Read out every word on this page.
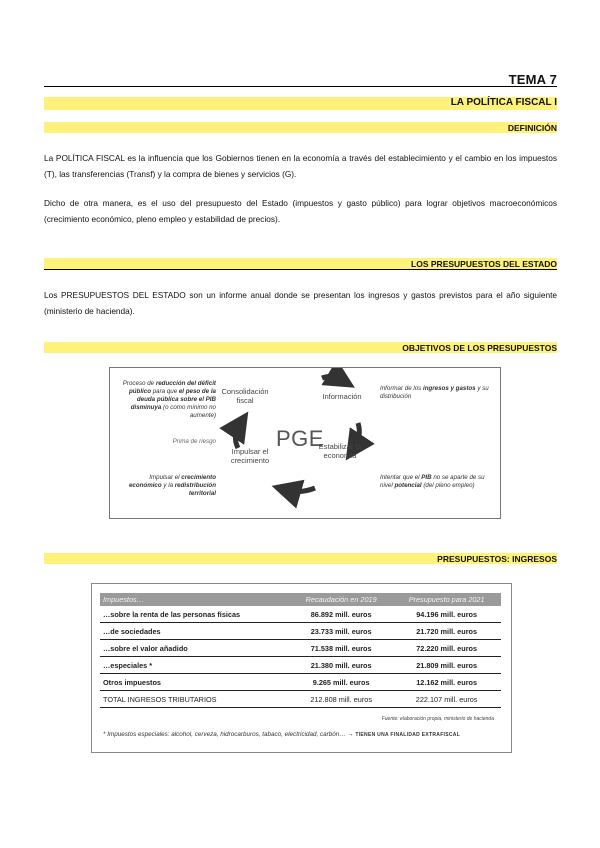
TEMA 7
LA POLÍTICA FISCAL I
DEFINICIÓN
La POLÍTICA FISCAL es la influencia que los Gobiernos tienen en la economía a través del establecimiento y el cambio en los impuestos (T), las transferencias (Transf) y la compra de bienes y servicios (G).
Dicho de otra manera, es el uso del presupuesto del Estado (impuestos y gasto público) para lograr objetivos macroeconómicos (crecimiento económico, pleno empleo y estabilidad de precios).
LOS PRESUPUESTOS DEL ESTADO
Los PRESUPUESTOS DEL ESTADO son un informe anual donde se presentan los ingresos y gastos previstos para el año siguiente (ministerio de hacienda).
OBJETIVOS DE LOS PRESUPUESTOS
PGE
Consolidación fiscal	Información
Estabilizar la economía
Impulsar el crecimiento
Proceso de reducción del déficit público para que el peso de la deuda pública sobre el PIB disminuya (o como mínimo no aumente)
Prima de riesgo
Informar de los ingresos y gastos y su distribución
Intentar que el PIB no se aparte de su nivel potencial (del pleno empleo)
Impulsar el crecimiento económico y la redistribución territorial
PRESUPUESTOS: INGRESOS
Impuestos…	Recaudación en 2019	Presupuesto para 2021
…sobre la renta de las personas físicas	86.892 mill. euros	94.196 mill. euros
…de sociedades	23.733 mill. euros	21.720 mill. euros
…sobre el valor añadido	71.538 mill. euros	72.220 mill. euros
…especiales *	21.380 mill. euros	21.809 mill. euros
Otros impuestos	9.265 mill. euros	12.162 mill. euros
TOTAL INGRESOS TRIBUTARIOS	212.808 mill. euros	222.107 mill. euros
Fuente: elaboración propia, ministerio de hacienda
* Impuestos especiales: alcohol, cerveza, hidrocarburos, tabaco, electricidad, carbón… → TIENEN UNA FINALIDAD EXTRAFISCAL
